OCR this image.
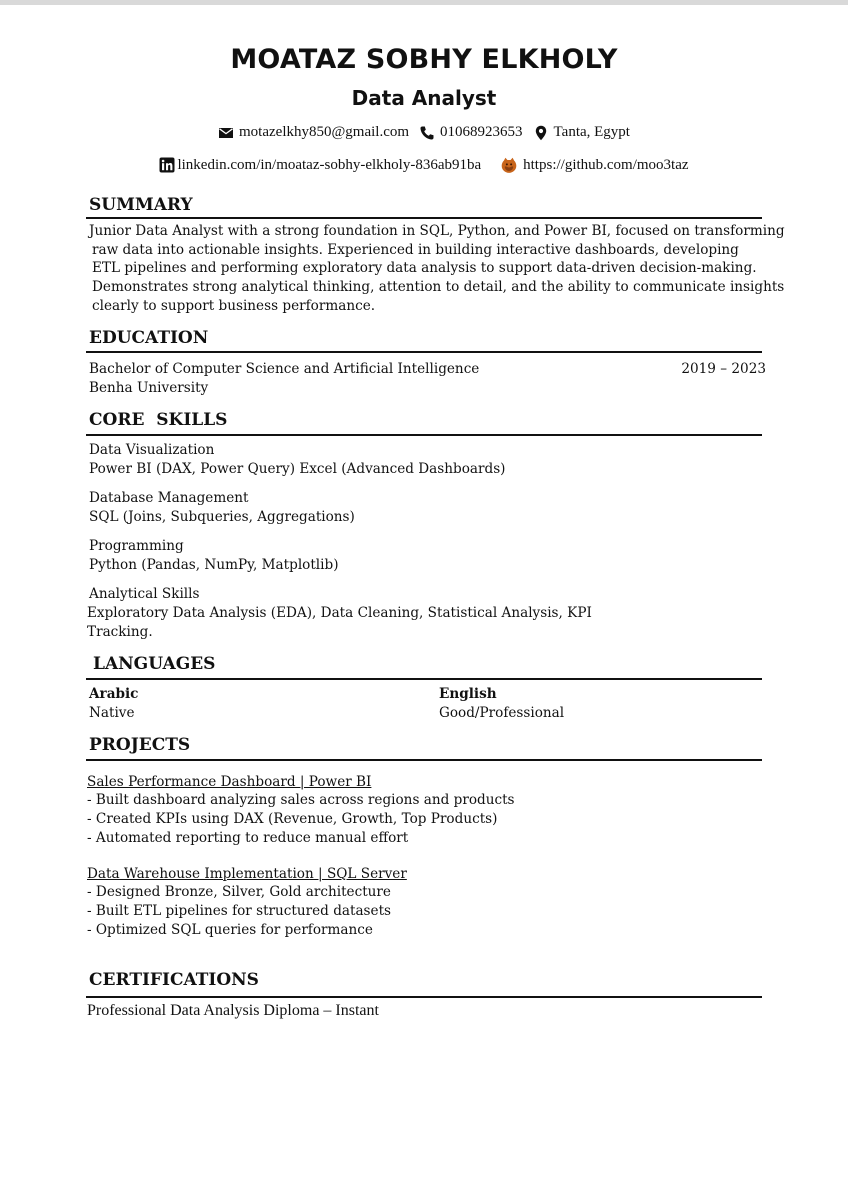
MOATAZ SOBHY ELKHOLY
Data Analyst
motazelkhy850@gmail.com 01068923653 Tanta, Egypt
linkedin.com/in/moataz-sobhy-elkholy-836ab91ba	https://github.com/moo3taz
SUMMARY
Junior Data Analyst with a strong foundation in SQL, Python, and Power BI, focused on transforming
raw data into actionable insights. Experienced in building interactive dashboards, developing
ETL pipelines and performing exploratory data analysis to support data-driven decision-making.
Demonstrates strong analytical thinking, attention to detail, and the ability to communicate insights
clearly to support business performance.
EDUCATION
Bachelor of Computer Science and Artificial Intelligence	2019 – 2023
Benha University
CORE  SKILLS
Data Visualization
Power BI (DAX, Power Query) Excel (Advanced Dashboards)
Database Management
SQL (Joins, Subqueries, Aggregations)
Programming
Python (Pandas, NumPy, Matplotlib)
Analytical Skills
Exploratory Data Analysis (EDA), Data Cleaning, Statistical Analysis, KPI
Tracking.
LANGUAGES
Arabic
Native
English
Good/Professional
PROJECTS
Sales Performance Dashboard | Power BI
- Built dashboard analyzing sales across regions and products
- Created KPIs using DAX (Revenue, Growth, Top Products)
- Automated reporting to reduce manual effort
Data Warehouse Implementation | SQL Server
- Designed Bronze, Silver, Gold architecture
- Built ETL pipelines for structured datasets
- Optimized SQL queries for performance
CERTIFICATIONS
Professional Data Analysis Diploma – Instant
